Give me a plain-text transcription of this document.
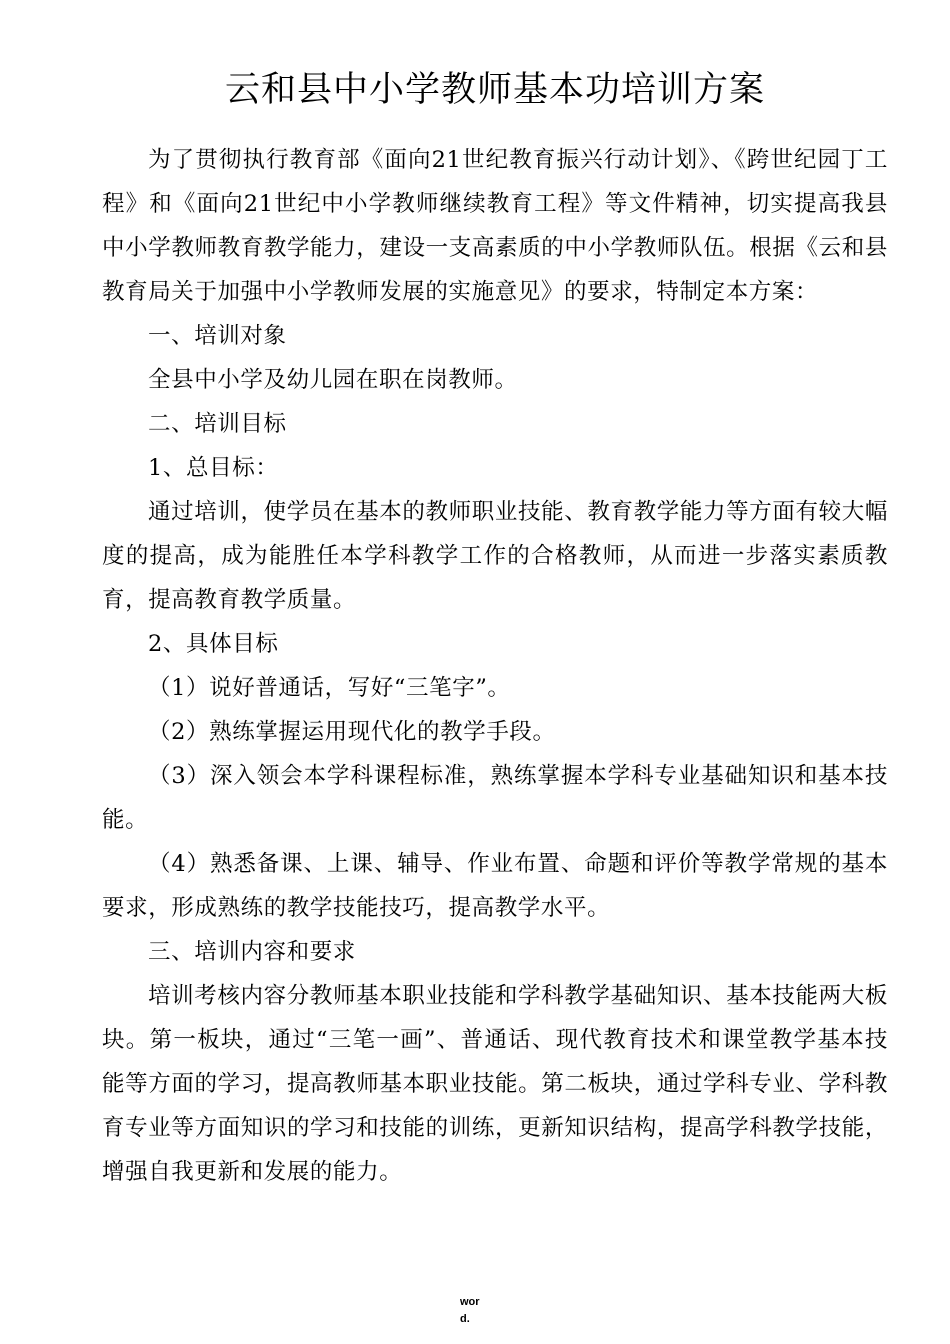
云和县中小学教师基本功培训方案

为了贯彻执行教育部《面向21世纪教育振兴行动计划》、《跨世纪园丁工程》和《面向21世纪中小学教师继续教育工程》等文件精神，切实提高我县中小学教师教育教学能力，建设一支高素质的中小学教师队伍。根据《云和县教育局关于加强中小学教师发展的实施意见》的要求，特制定本方案：

一、培训对象

全县中小学及幼儿园在职在岗教师。

二、培训目标

1、总目标：

通过培训，使学员在基本的教师职业技能、教育教学能力等方面有较大幅度的提高，成为能胜任本学科教学工作的合格教师，从而进一步落实素质教育，提高教育教学质量。

2、具体目标

（1）说好普通话，写好“三笔字”。

（2）熟练掌握运用现代化的教学手段。

（3）深入领会本学科课程标准，熟练掌握本学科专业基础知识和基本技能。

（4）熟悉备课、上课、辅导、作业布置、命题和评价等教学常规的基本要求，形成熟练的教学技能技巧，提高教学水平。

三、培训内容和要求

培训考核内容分教师基本职业技能和学科教学基础知识、基本技能两大板块。第一板块，通过“三笔一画”、普通话、现代教育技术和课堂教学基本技能等方面的学习，提高教师基本职业技能。第二板块，通过学科专业、学科教育专业等方面知识的学习和技能的训练，更新知识结构，提高学科教学技能，增强自我更新和发展的能力。

word.
